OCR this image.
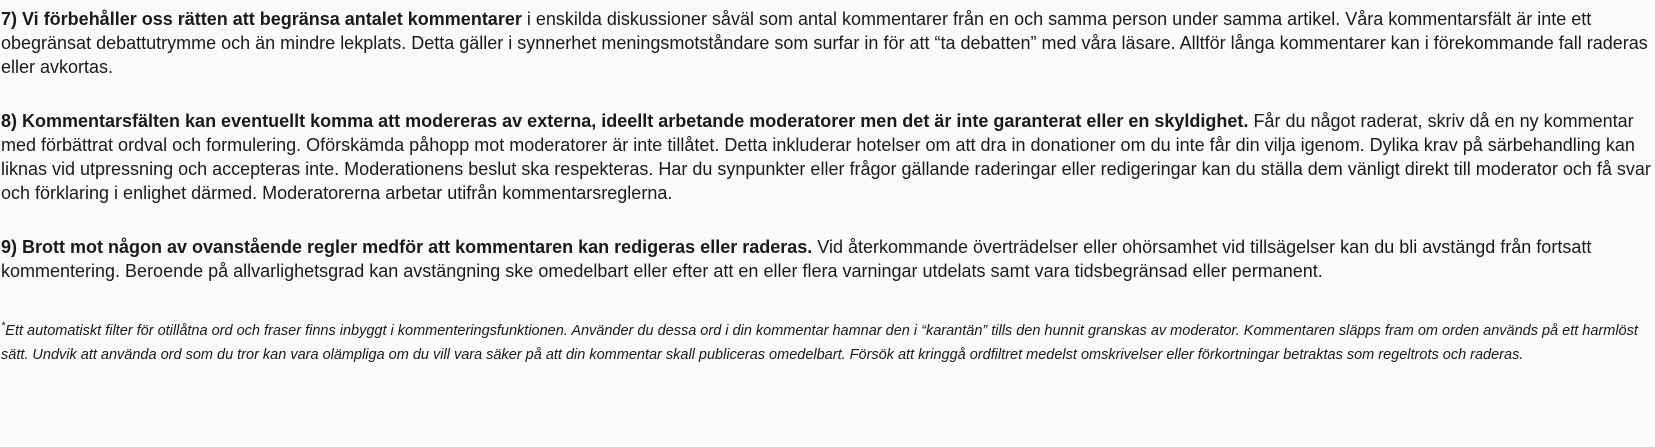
7) Vi förbehåller oss rätten att begränsa antalet kommentarer i enskilda diskussioner såväl som antal kommentarer från en och samma person under samma artikel. Våra kommentarsfält är inte ett obegränsat debattutrymme och än mindre lekplats. Detta gäller i synnerhet meningsmotståndare som surfar in för att “ta debatten” med våra läsare. Alltför långa kommentarer kan i förekommande fall raderas eller avkortas.

8) Kommentarsfälten kan eventuellt komma att modereras av externa, ideellt arbetande moderatorer men det är inte garanterat eller en skyldighet. Får du något raderat, skriv då en ny kommentar med förbättrat ordval och formulering. Oförskämda påhopp mot moderatorer är inte tillåtet. Detta inkluderar hotelser om att dra in donationer om du inte får din vilja igenom. Dylika krav på särbehandling kan liknas vid utpressning och accepteras inte. Moderationens beslut ska respekteras. Har du synpunkter eller frågor gällande raderingar eller redigeringar kan du ställa dem vänligt direkt till moderator och få svar och förklaring i enlighet därmed. Moderatorerna arbetar utifrån kommentarsreglerna.

9) Brott mot någon av ovanstående regler medför att kommentaren kan redigeras eller raderas. Vid återkommande överträdelser eller ohörsamhet vid tillsägelser kan du bli avstängd från fortsatt kommentering. Beroende på allvarlighetsgrad kan avstängning ske omedelbart eller efter att en eller flera varningar utdelats samt vara tidsbegränsad eller permanent.

*Ett automatiskt filter för otillåtna ord och fraser finns inbyggt i kommenteringsfunktionen. Använder du dessa ord i din kommentar hamnar den i “karantän” tills den hunnit granskas av moderator. Kommentaren släpps fram om orden används på ett harmlöst sätt. Undvik att använda ord som du tror kan vara olämpliga om du vill vara säker på att din kommentar skall publiceras omedelbart. Försök att kringgå ordfiltret medelst omskrivelser eller förkortningar betraktas som regeltrots och raderas.
